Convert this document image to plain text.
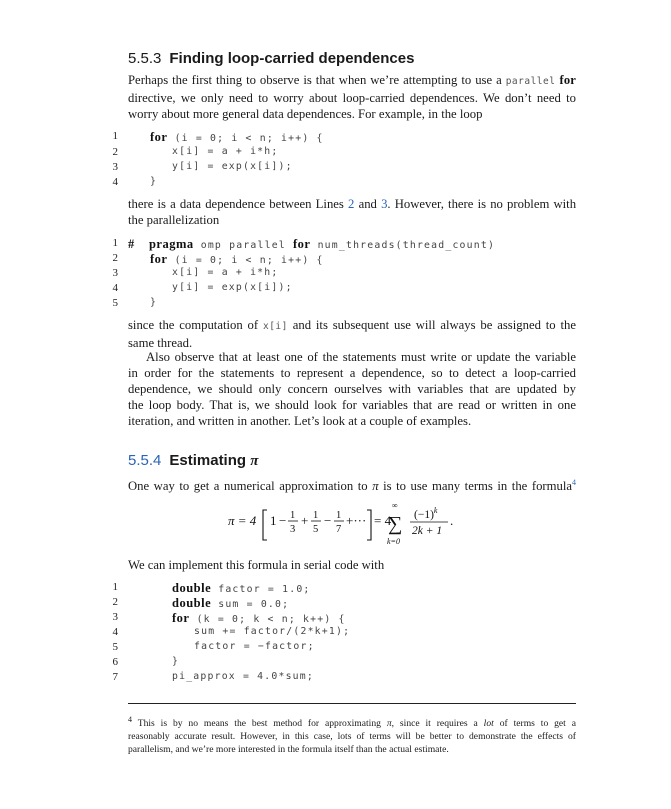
5.5.3 Finding loop-carried dependences
Perhaps the first thing to observe is that when we’re attempting to use a parallel for
directive, we only need to worry about loop-carried dependences. We don’t need to
worry about more general data dependences. For example, in the loop
1
2
3
4
for (i = 0; i < n; i++) {
x[i] = a + i*h;
y[i] = exp(x[i]);
}
there is a data dependence between Lines 2 and 3. However, there is no problem with
the parallelization
1
2
3
4
5
# pragma omp parallel for num_threads(thread_count)
for (i = 0; i < n; i++) {
x[i] = a + i*h;
y[i] = exp(x[i]);
}
since the computation of x[i] and its subsequent use will always be assigned to the
same thread.
Also observe that at least one of the statements must write or update the variable
in order for the statements to represent a dependence, so to detect a loop-carried
dependence, we should only concern ourselves with variables that are updated by
the loop body. That is, we should look for variables that are read or written in one
iteration, and written in another. Let’s look at a couple of examples.
5.5.4 Estimating π
One way to get a numerical approximation to π is to use many terms in the formula$^4$
π = 4 1 − 1
3
+ 1
5
− 1
7
+··· = 4
∞
∑
k=0
$(-1)^k$
2k + 1
.
We can implement this formula in serial code with
1
2
3
4
5
6
7
double factor = 1.0;
double sum = 0.0;
for (k = 0; k < n; k++) {
sum += factor/(2*k+1);
factor = −factor;
}
pi_approx = 4.0*sum;
$^4$ This is by no means the best method for approximating π, since it requires a lot of terms to get a
reasonably accurate result. However, in this case, lots of terms will be better to demonstrate the effects of
parallelism, and we’re more interested in the formula itself than the actual estimate.
